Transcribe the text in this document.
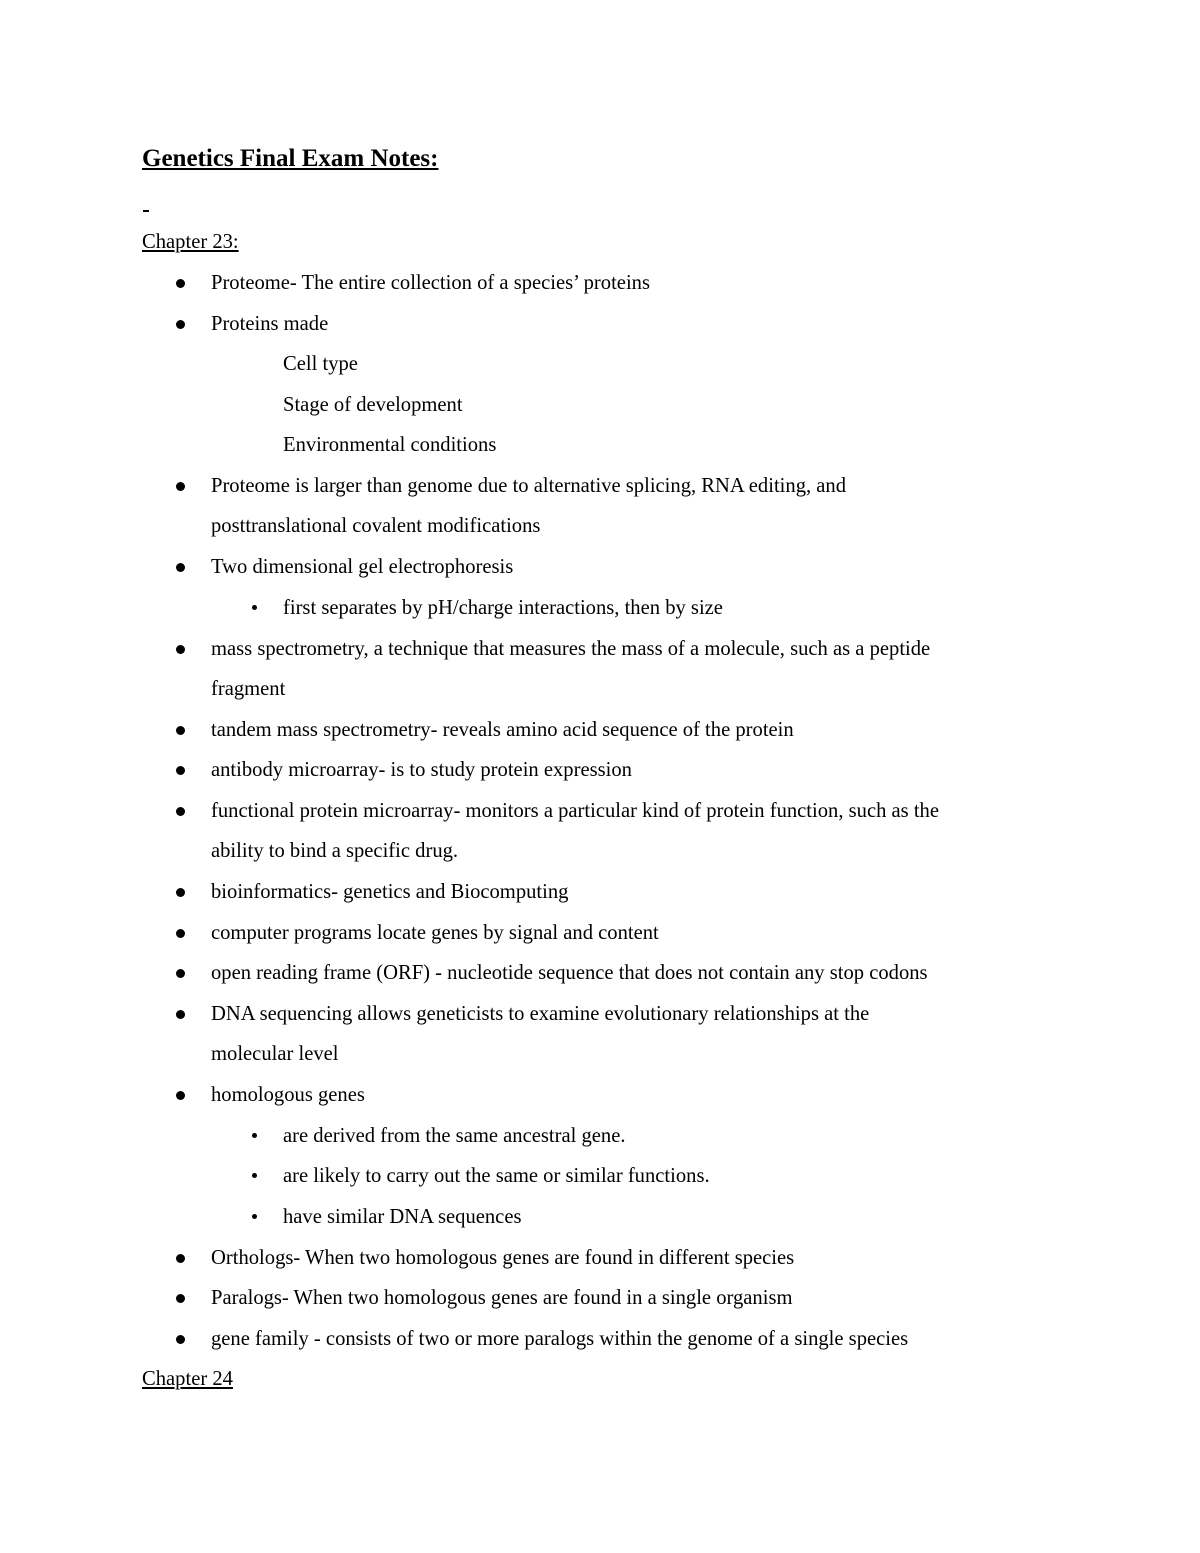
Genetics Final Exam Notes:
Chapter 23:
Proteome- The entire collection of a species’ proteins
Proteins made
Cell type
Stage of development
Environmental conditions
Proteome is larger than genome due to alternative splicing, RNA editing, and
posttranslational covalent modifications
Two dimensional gel electrophoresis
first separates by pH/charge interactions, then by size
mass spectrometry, a technique that measures the mass of a molecule, such as a peptide
fragment
tandem mass spectrometry- reveals amino acid sequence of the protein
antibody microarray- is to study protein expression
functional protein microarray- monitors a particular kind of protein function, such as the
ability to bind a specific drug.
bioinformatics- genetics and Biocomputing
computer programs locate genes by signal and content
open reading frame (ORF) - nucleotide sequence that does not contain any stop codons
DNA sequencing allows geneticists to examine evolutionary relationships at the
molecular level
homologous genes
are derived from the same ancestral gene.
are likely to carry out the same or similar functions.
have similar DNA sequences
Orthologs- When two homologous genes are found in different species
Paralogs- When two homologous genes are found in a single organism
gene family - consists of two or more paralogs within the genome of a single species
Chapter 24
